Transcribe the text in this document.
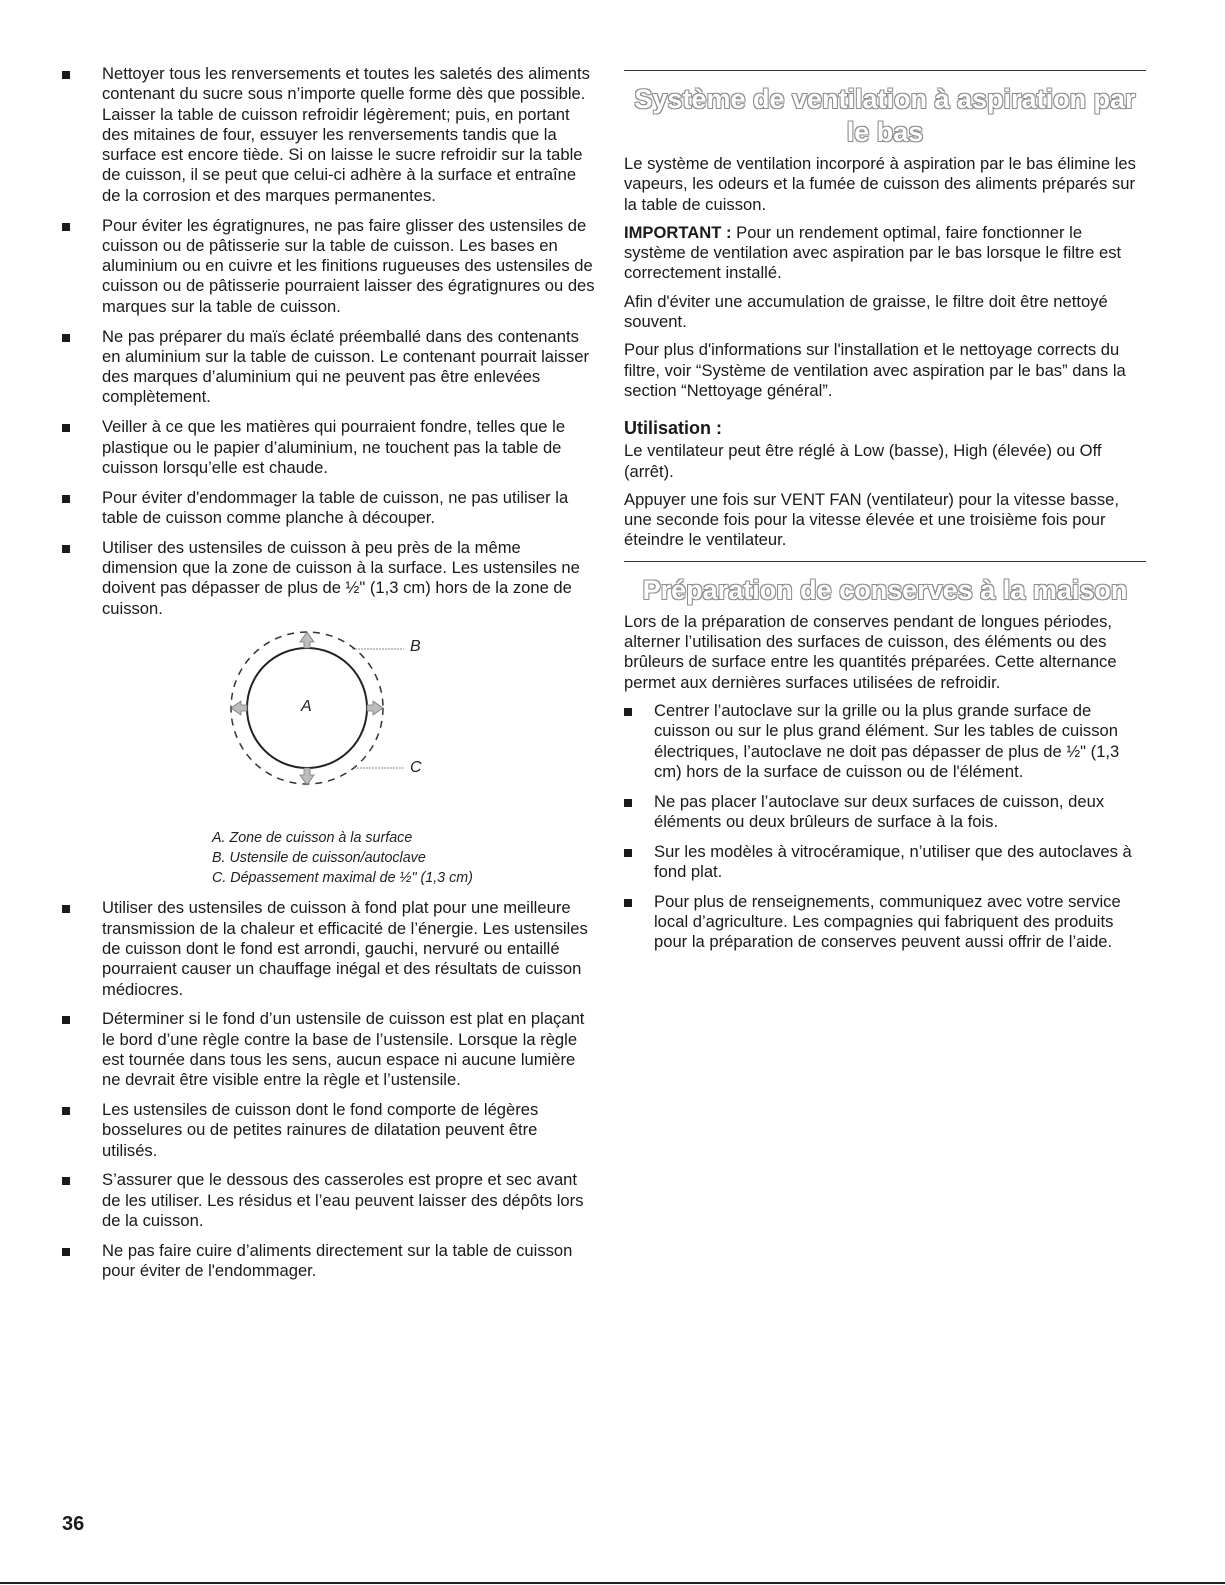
Nettoyer tous les renversements et toutes les saletés des aliments contenant du sucre sous n’importe quelle forme dès que possible. Laisser la table de cuisson refroidir légèrement; puis, en portant des mitaines de four, essuyer les renversements tandis que la surface est encore tiède. Si on laisse le sucre refroidir sur la table de cuisson, il se peut que celui-ci adhère à la surface et entraîne de la corrosion et des marques permanentes.
Pour éviter les égratignures, ne pas faire glisser des ustensiles de cuisson ou de pâtisserie sur la table de cuisson. Les bases en aluminium ou en cuivre et les finitions rugueuses des ustensiles de cuisson ou de pâtisserie pourraient laisser des égratignures ou des marques sur la table de cuisson.
Ne pas préparer du maïs éclaté préemballé dans des contenants en aluminium sur la table de cuisson. Le contenant pourrait laisser des marques d’aluminium qui ne peuvent pas être enlevées complètement.
Veiller à ce que les matières qui pourraient fondre, telles que le plastique ou le papier d’aluminium, ne touchent pas la table de cuisson lorsqu’elle est chaude.
Pour éviter d'endommager la table de cuisson, ne pas utiliser la table de cuisson comme planche à découper.
Utiliser des ustensiles de cuisson à peu près de la même dimension que la zone de cuisson à la surface. Les ustensiles ne doivent pas dépasser de plus de ½" (1,3 cm) hors de la zone de cuisson.
A
B
C
A. Zone de cuisson à la surface
B. Ustensile de cuisson/autoclave
C. Dépassement maximal de ½" (1,3 cm)
Utiliser des ustensiles de cuisson à fond plat pour une meilleure transmission de la chaleur et efficacité de l’énergie. Les ustensiles de cuisson dont le fond est arrondi, gauchi, nervuré ou entaillé pourraient causer un chauffage inégal et des résultats de cuisson médiocres.
Déterminer si le fond d’un ustensile de cuisson est plat en plaçant le bord d’une règle contre la base de l’ustensile. Lorsque la règle est tournée dans tous les sens, aucun espace ni aucune lumière ne devrait être visible entre la règle et l’ustensile.
Les ustensiles de cuisson dont le fond comporte de légères bosselures ou de petites rainures de dilatation peuvent être utilisés.
S’assurer que le dessous des casseroles est propre et sec avant de les utiliser. Les résidus et l’eau peuvent laisser des dépôts lors de la cuisson.
Ne pas faire cuire d’aliments directement sur la table de cuisson pour éviter de l'endommager.
Système de ventilation à aspiration par le bas

Le système de ventilation incorporé à aspiration par le bas élimine les vapeurs, les odeurs et la fumée de cuisson des aliments préparés sur la table de cuisson.

IMPORTANT : Pour un rendement optimal, faire fonctionner le système de ventilation avec aspiration par le bas lorsque le filtre est correctement installé.

Afin d'éviter une accumulation de graisse, le filtre doit être nettoyé souvent.

Pour plus d'informations sur l'installation et le nettoyage corrects du filtre, voir “Système de ventilation avec aspiration par le bas” dans la section “Nettoyage général”.

Utilisation :

Le ventilateur peut être réglé à Low (basse), High (élevée) ou Off (arrêt).

Appuyer une fois sur VENT FAN (ventilateur) pour la vitesse basse, une seconde fois pour la vitesse élevée et une troisième fois pour éteindre le ventilateur.

Préparation de conserves à la maison

Lors de la préparation de conserves pendant de longues périodes, alterner l’utilisation des surfaces de cuisson, des éléments ou des brûleurs de surface entre les quantités préparées. Cette alternance permet aux dernières surfaces utilisées de refroidir.

Centrer l’autoclave sur la grille ou la plus grande surface de cuisson ou sur le plus grand élément. Sur les tables de cuisson électriques, l’autoclave ne doit pas dépasser de plus de ½" (1,3 cm) hors de la surface de cuisson ou de l'élément.
Ne pas placer l’autoclave sur deux surfaces de cuisson, deux éléments ou deux brûleurs de surface à la fois.
Sur les modèles à vitrocéramique, n’utiliser que des autoclaves à fond plat.
Pour plus de renseignements, communiquez avec votre service local d’agriculture. Les compagnies qui fabriquent des produits pour la préparation de conserves peuvent aussi offrir de l’aide.
36
